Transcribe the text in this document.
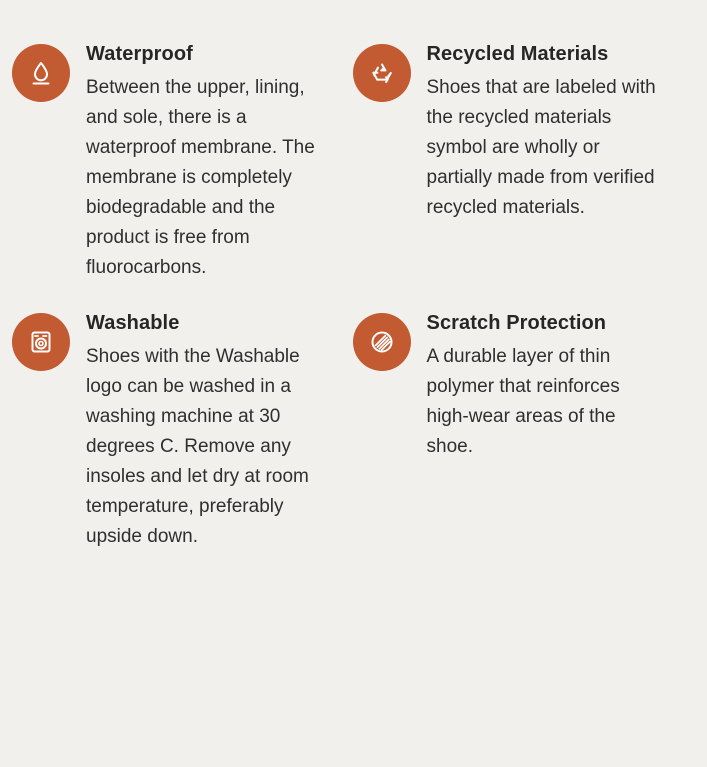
Waterproof

Between the upper, lining, and sole, there is a waterproof membrane. The membrane is completely biodegradable and the product is free from fluorocarbons.

Recycled Materials

Shoes that are labeled with the recycled materials symbol are wholly or partially made from verified recycled materials.

Washable

Shoes with the Washable logo can be washed in a washing machine at 30 degrees C. Remove any insoles and let dry at room temperature, preferably upside down.

Scratch Protection

A durable layer of thin polymer that reinforces high-wear areas of the shoe.
